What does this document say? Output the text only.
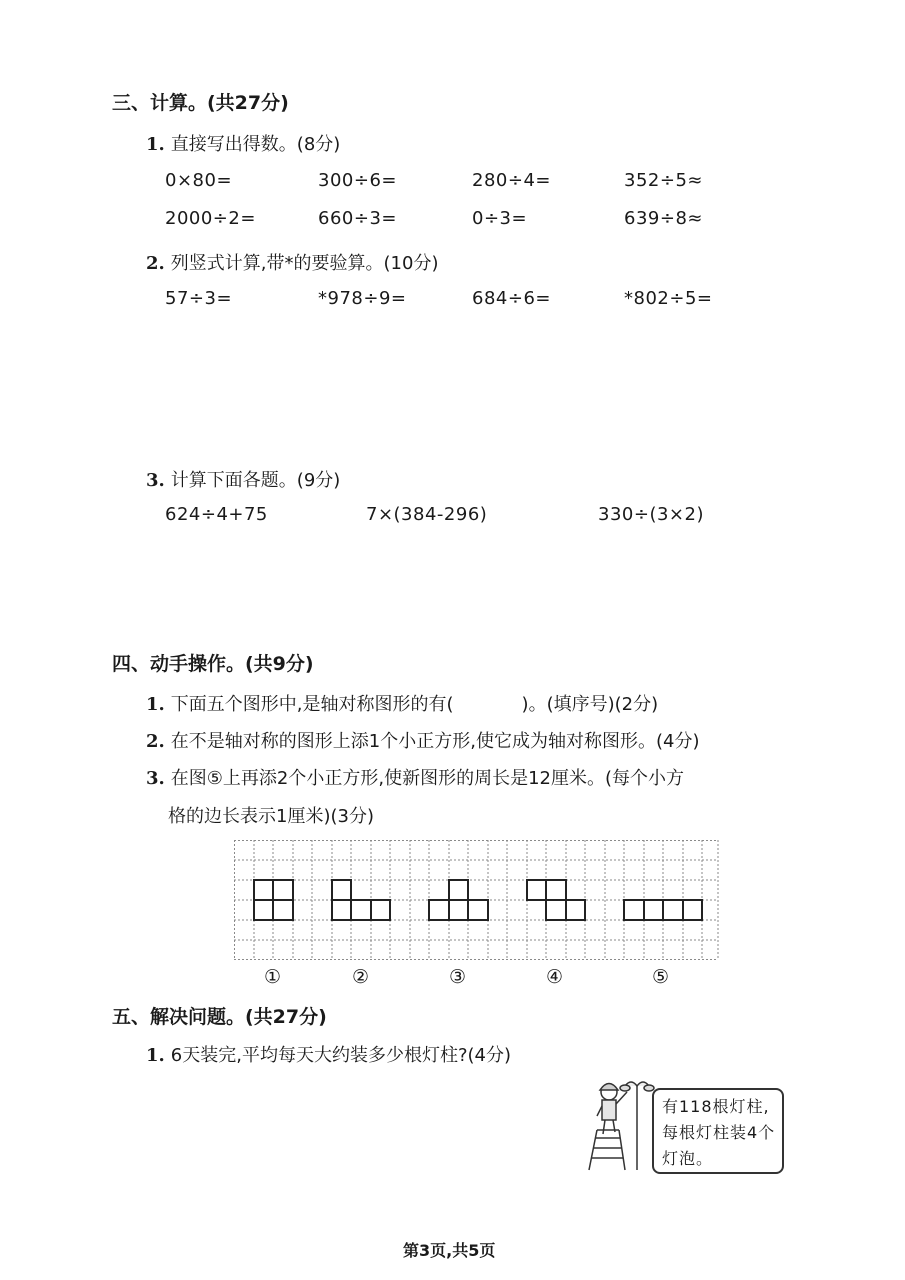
三、计算。(共27分)
1. 直接写出得数。(8分)
0×80=	300÷6=	280÷4=	352÷5≈
2000÷2=	660÷3=	0÷3=	639÷8≈
2. 列竖式计算,带*的要验算。(10分)
57÷3=	*978÷9=	684÷6=	*802÷5=
3. 计算下面各题。(9分)
624÷4+75	7×(384-296)	330÷(3×2)
四、动手操作。(共9分)
1. 下面五个图形中,是轴对称图形的有(	)。(填序号)(2分)
2. 在不是轴对称的图形上添1个小正方形,使它成为轴对称图形。(4分)
3. 在图⑤上再添2个小正方形,使新图形的周长是12厘米。(每个小方
格的边长表示1厘米)(3分)
①	②	③	④	⑤
五、解决问题。(共27分)
1. 6天装完,平均每天大约装多少根灯柱?(4分)
有118根灯柱,每根灯柱装4个灯泡。
第3页,共5页
